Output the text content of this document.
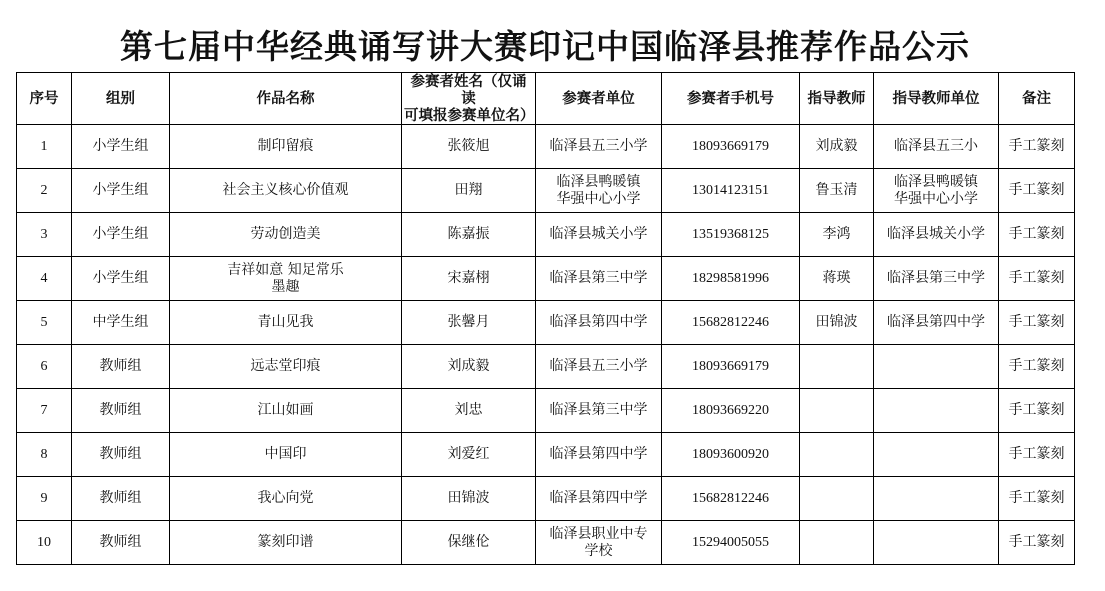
第七届中华经典诵写讲大赛印记中国临泽县推荐作品公示
序号	组别	作品名称	参赛者姓名（仅诵读
可填报参赛单位名）	参赛者单位	参赛者手机号	指导教师	指导教师单位	备注
1	小学生组	制印留痕	张筱旭	临泽县五三小学	18093669179	刘成毅	临泽县五三小	手工篆刻
2	小学生组	社会主义核心价值观	田翔	临泽县鸭暖镇
华强中心小学	13014123151	鲁玉清	临泽县鸭暖镇
华强中心小学	手工篆刻
3	小学生组	劳动创造美	陈嘉振	临泽县城关小学	13519368125	李鸿	临泽县城关小学	手工篆刻
4	小学生组	吉祥如意 知足常乐
墨趣	宋嘉栩	临泽县第三中学	18298581996	蒋瑛	临泽县第三中学	手工篆刻
5	中学生组	青山见我	张馨月	临泽县第四中学	15682812246	田锦波	临泽县第四中学	手工篆刻
6	教师组	远志堂印痕	刘成毅	临泽县五三小学	18093669179			手工篆刻
7	教师组	江山如画	刘忠	临泽县第三中学	18093669220			手工篆刻
8	教师组	中国印	刘爱红	临泽县第四中学	18093600920			手工篆刻
9	教师组	我心向党	田锦波	临泽县第四中学	15682812246			手工篆刻
10	教师组	篆刻印谱	保继伦	临泽县职业中专
学校	15294005055			手工篆刻
